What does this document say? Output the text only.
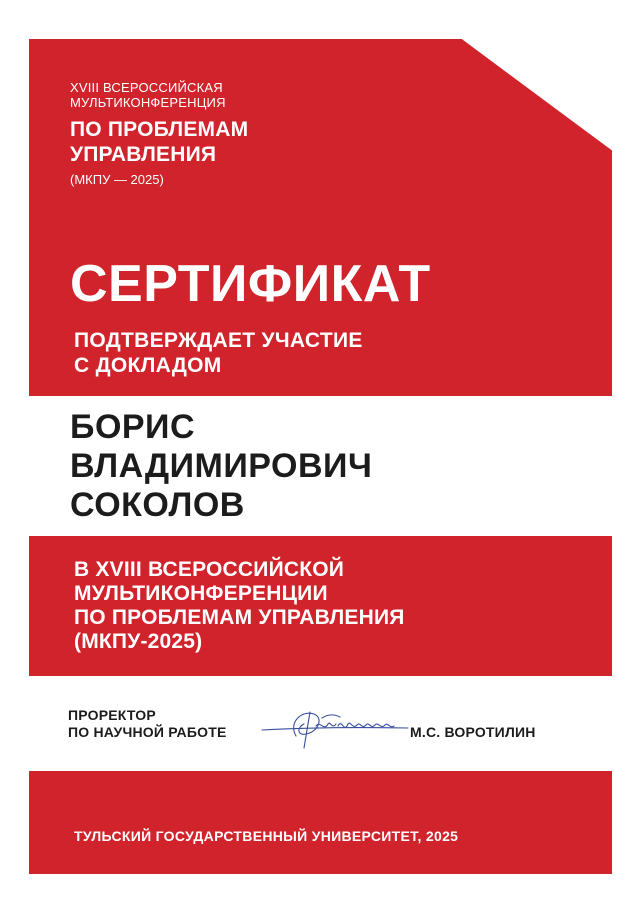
XVIII ВСЕРОССИЙСКАЯ
МУЛЬТИКОНФЕРЕНЦИЯ
ПО ПРОБЛЕМАМ
УПРАВЛЕНИЯ
(МКПУ — 2025)
СЕРТИФИКАТ
ПОДТВЕРЖДАЕТ УЧАСТИЕ
С ДОКЛАДОМ
БОРИС
ВЛАДИМИРОВИЧ
СОКОЛОВ
В XVIII ВСЕРОССИЙСКОЙ
МУЛЬТИКОНФЕРЕНЦИИ
ПО ПРОБЛЕМАМ УПРАВЛЕНИЯ
(МКПУ-2025)
ПРОРЕКТОР
ПО НАУЧНОЙ РАБОТЕ	М.С. ВОРОТИЛИН
ТУЛЬСКИЙ ГОСУДАРСТВЕННЫЙ УНИВЕРСИТЕТ, 2025
